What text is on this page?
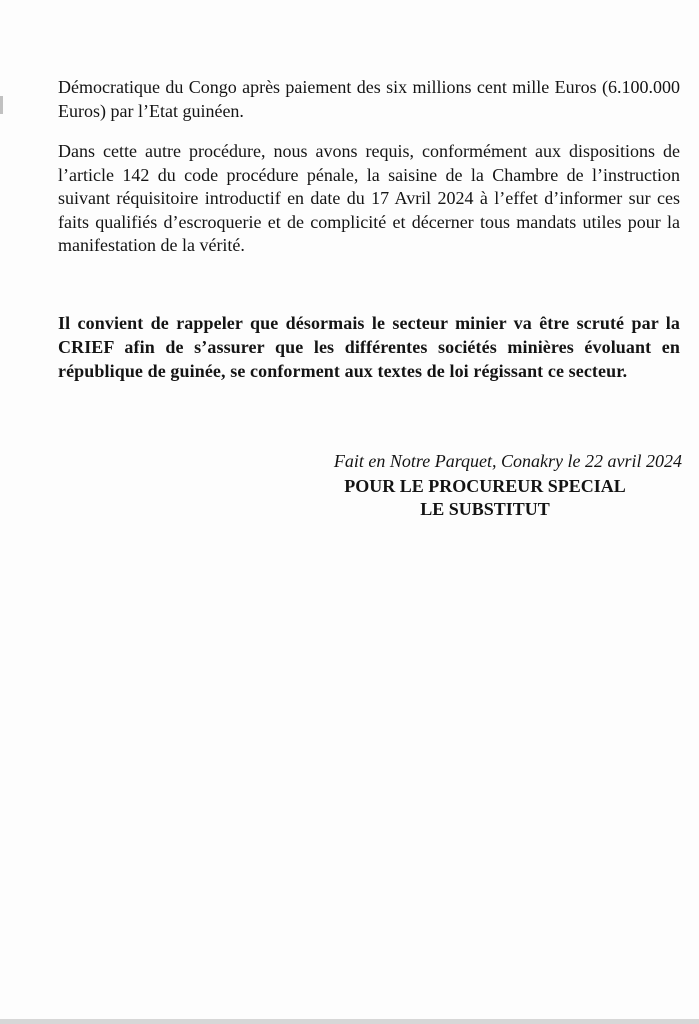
Démocratique du Congo après paiement des six millions cent mille Euros (6.100.000 Euros) par l’Etat guinéen.

Dans cette autre procédure, nous avons requis, conformément aux dispositions de l’article 142 du code procédure pénale, la saisine de la Chambre de l’instruction suivant réquisitoire introductif en date du 17 Avril 2024 à l’effet d’informer sur ces faits qualifiés d’escroquerie et de complicité et décerner tous mandats utiles pour la manifestation de la vérité.

Il convient de rappeler que désormais le secteur minier va être scruté par la CRIEF afin de s’assurer que les différentes sociétés minières évoluant en république de guinée, se conforment aux textes de loi régissant ce secteur.

Fait en Notre Parquet, Conakry le 22 avril 2024
POUR LE PROCUREUR SPECIAL
LE SUBSTITUT
